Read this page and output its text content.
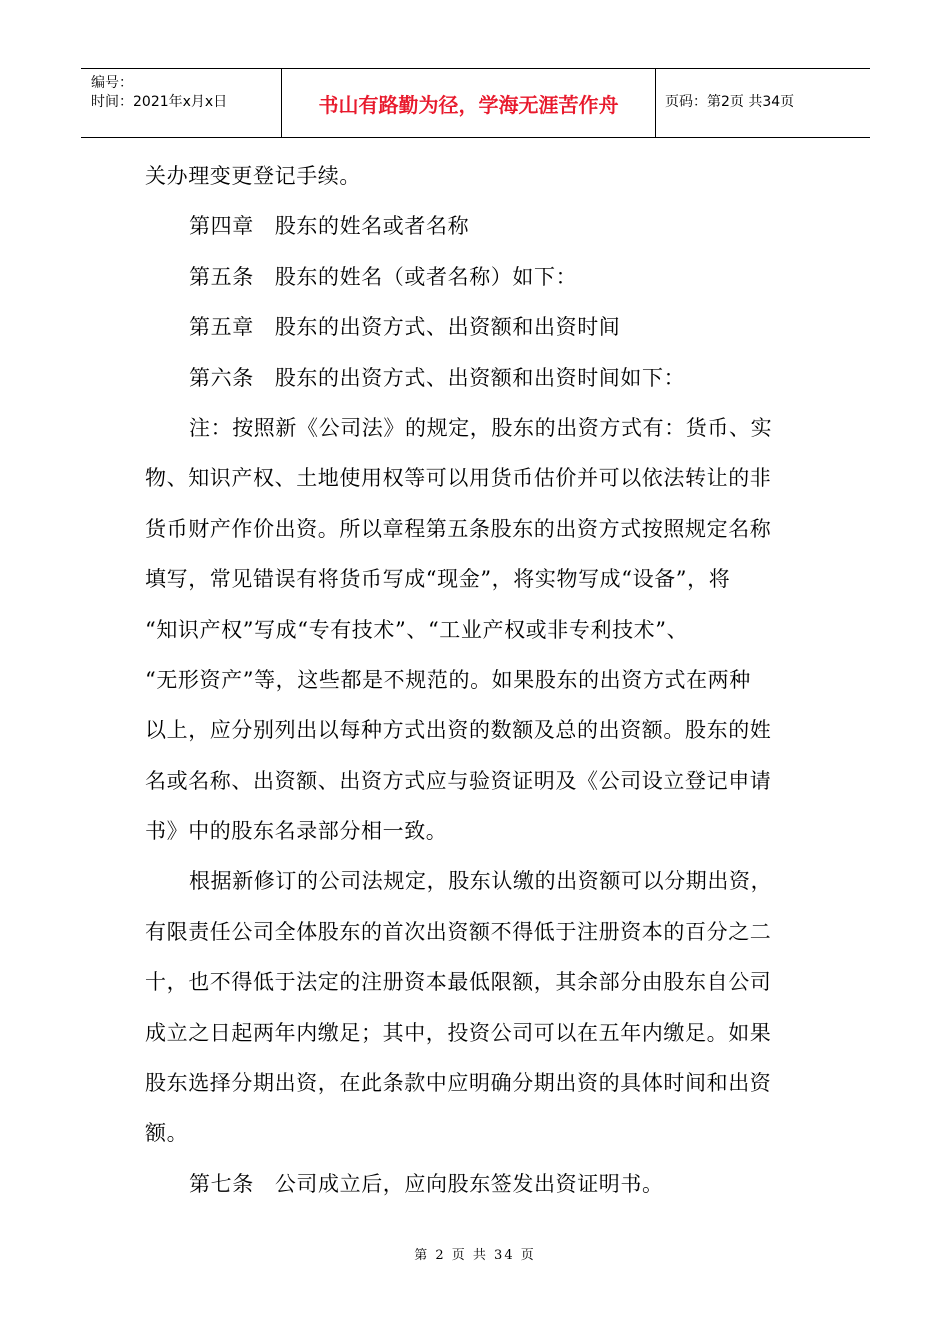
编号：
时间：2021年x月x日	书山有路勤为径，学海无涯苦作舟	页码：第2页 共34页
关办理变更登记手续。
第四章 股东的姓名或者名称
第五条 股东的姓名（或者名称）如下：
第五章 股东的出资方式、出资额和出资时间
第六条 股东的出资方式、出资额和出资时间如下：
注：按照新《公司法》的规定，股东的出资方式有：货币、实
物、知识产权、土地使用权等可以用货币估价并可以依法转让的非
货币财产作价出资。所以章程第五条股东的出资方式按照规定名称
填写，常见错误有将货币写成“现金”，将实物写成“设备”，将
“知识产权”写成“专有技术”、“工业产权或非专利技术”、
“无形资产”等，这些都是不规范的。如果股东的出资方式在两种
以上，应分别列出以每种方式出资的数额及总的出资额。股东的姓
名或名称、出资额、出资方式应与验资证明及《公司设立登记申请
书》中的股东名录部分相一致。
根据新修订的公司法规定，股东认缴的出资额可以分期出资，
有限责任公司全体股东的首次出资额不得低于注册资本的百分之二
十，也不得低于法定的注册资本最低限额，其余部分由股东自公司
成立之日起两年内缴足；其中，投资公司可以在五年内缴足。如果
股东选择分期出资，在此条款中应明确分期出资的具体时间和出资
额。
第七条 公司成立后，应向股东签发出资证明书。
第 2 页 共 34 页
